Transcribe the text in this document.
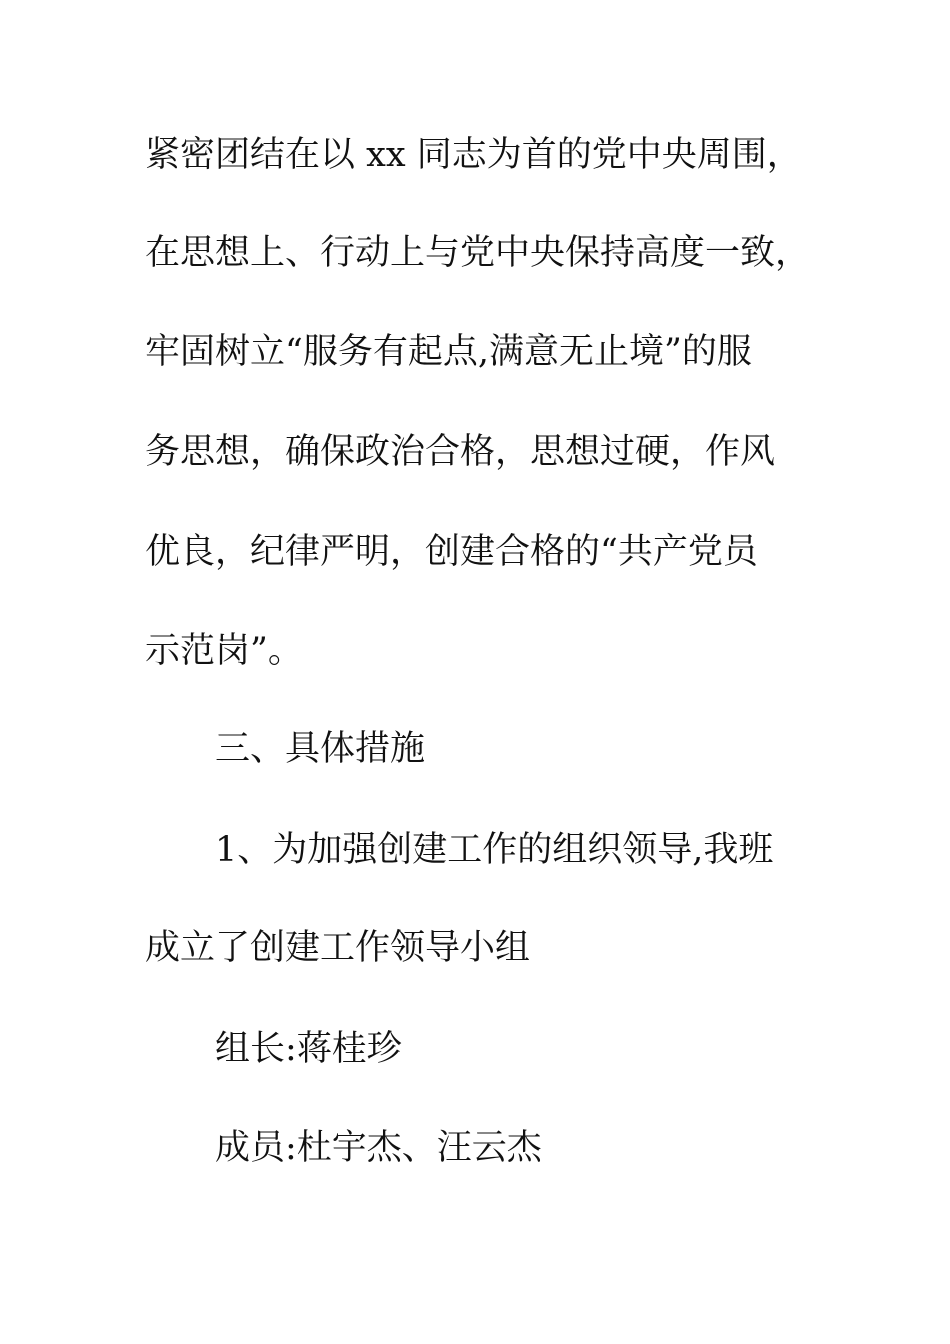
紧密团结在以 xx 同志为首的党中央周围，
在思想上、行动上与党中央保持高度一致，
牢固树立“服务有起点,满意无止境”的服
务思想，确保政治合格，思想过硬，作风
优良，纪律严明，创建合格的“共产党员
示范岗”。
三、具体措施
1、为加强创建工作的组织领导,我班
成立了创建工作领导小组
组长:蒋桂珍
成员:杜宇杰、汪云杰
